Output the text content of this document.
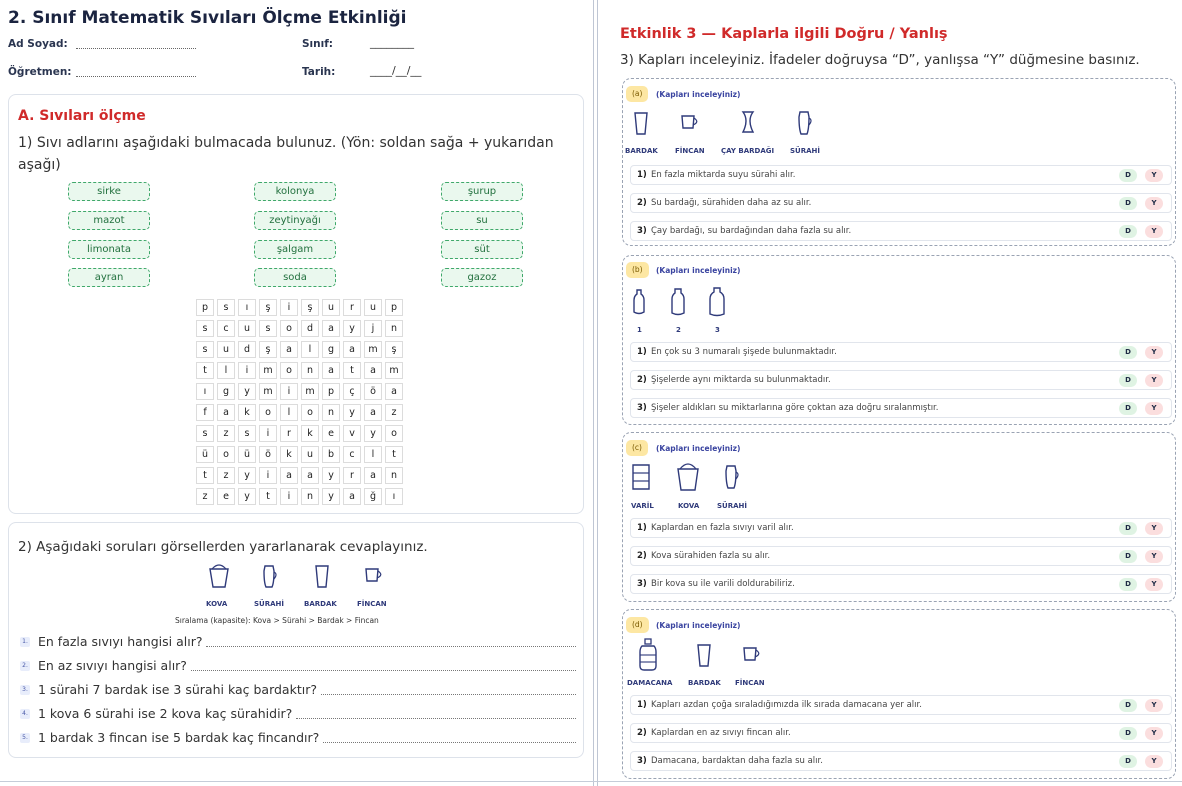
2. Sınıf Matematik Sıvıları Ölçme Etkinliği
Ad Soyad:	Sınıf:	________
Öğretmen:	Tarih:	____/__/__
A. Sıvıları ölçme
1) Sıvı adlarını aşağıdaki bulmacada bulunuz. (Yön: soldan sağa + yukarıdan aşağı)
sirke	kolonya	şurup
mazot	zeytinyağı	su
limonata	şalgam	süt
ayran	soda	gazoz
p	s	ı	ş	i	ş	u	r	u	p
s	c	u	s	o	d	a	y	j	n
s	u	d	ş	a	l	g	a	m	ş
t	l	i	m	o	n	a	t	a	m
ı	g	y	m	i	m	p	ç	ö	a
f	a	k	o	l	o	n	y	a	z
s	z	s	i	r	k	e	v	y	o
ü	o	ü	ö	k	u	b	c	l	t
t	z	y	i	a	a	y	r	a	n
z	e	y	t	i	n	y	a	ğ	ı
2) Aşağıdaki soruları görsellerden yararlanarak cevaplayınız.
KOVA	SÜRAHİ	BARDAK	FİNCAN
Sıralama (kapasite): Kova > Sürahi > Bardak > Fincan
1. En fazla sıvıyı hangisi alır?
2. En az sıvıyı hangisi alır?
3. 1 sürahi 7 bardak ise 3 sürahi kaç bardaktır?
4. 1 kova 6 sürahi ise 2 kova kaç sürahidir?
5. 1 bardak 3 fincan ise 5 bardak kaç fincandır?
Etkinlik 3 — Kaplarla ilgili Doğru / Yanlış
3) Kapları inceleyiniz. İfadeler doğruysa “D”, yanlışsa “Y” düğmesine basınız.
(a)	(Kapları inceleyiniz)
BARDAK FİNCAN ÇAY BARDAĞI SÜRAHİ
1) En fazla miktarda suyu sürahi alır.	D	Y
2) Su bardağı, sürahiden daha az su alır.	D	Y
3) Çay bardağı, su bardağından daha fazla su alır.	D	Y
(b)	(Kapları inceleyiniz)
1	2	3
1) En çok su 3 numaralı şişede bulunmaktadır.	D	Y
2) Şişelerde aynı miktarda su bulunmaktadır.	D	Y
3) Şişeler aldıkları su miktarlarına göre çoktan aza doğru sıralanmıştır.	D	Y
(c)	(Kapları inceleyiniz)
VARİL	KOVA	SÜRAHİ
1) Kaplardan en fazla sıvıyı varil alır.	D	Y
2) Kova sürahiden fazla su alır.	D	Y
3) Bir kova su ile varili doldurabiliriz.	D	Y
(d)	(Kapları inceleyiniz)
DAMACANA BARDAK FİNCAN
1) Kapları azdan çoğa sıraladığımızda ilk sırada damacana yer alır.	D	Y
2) Kaplardan en az sıvıyı fincan alır.	D	Y
3) Damacana, bardaktan daha fazla su alır.	D	Y
